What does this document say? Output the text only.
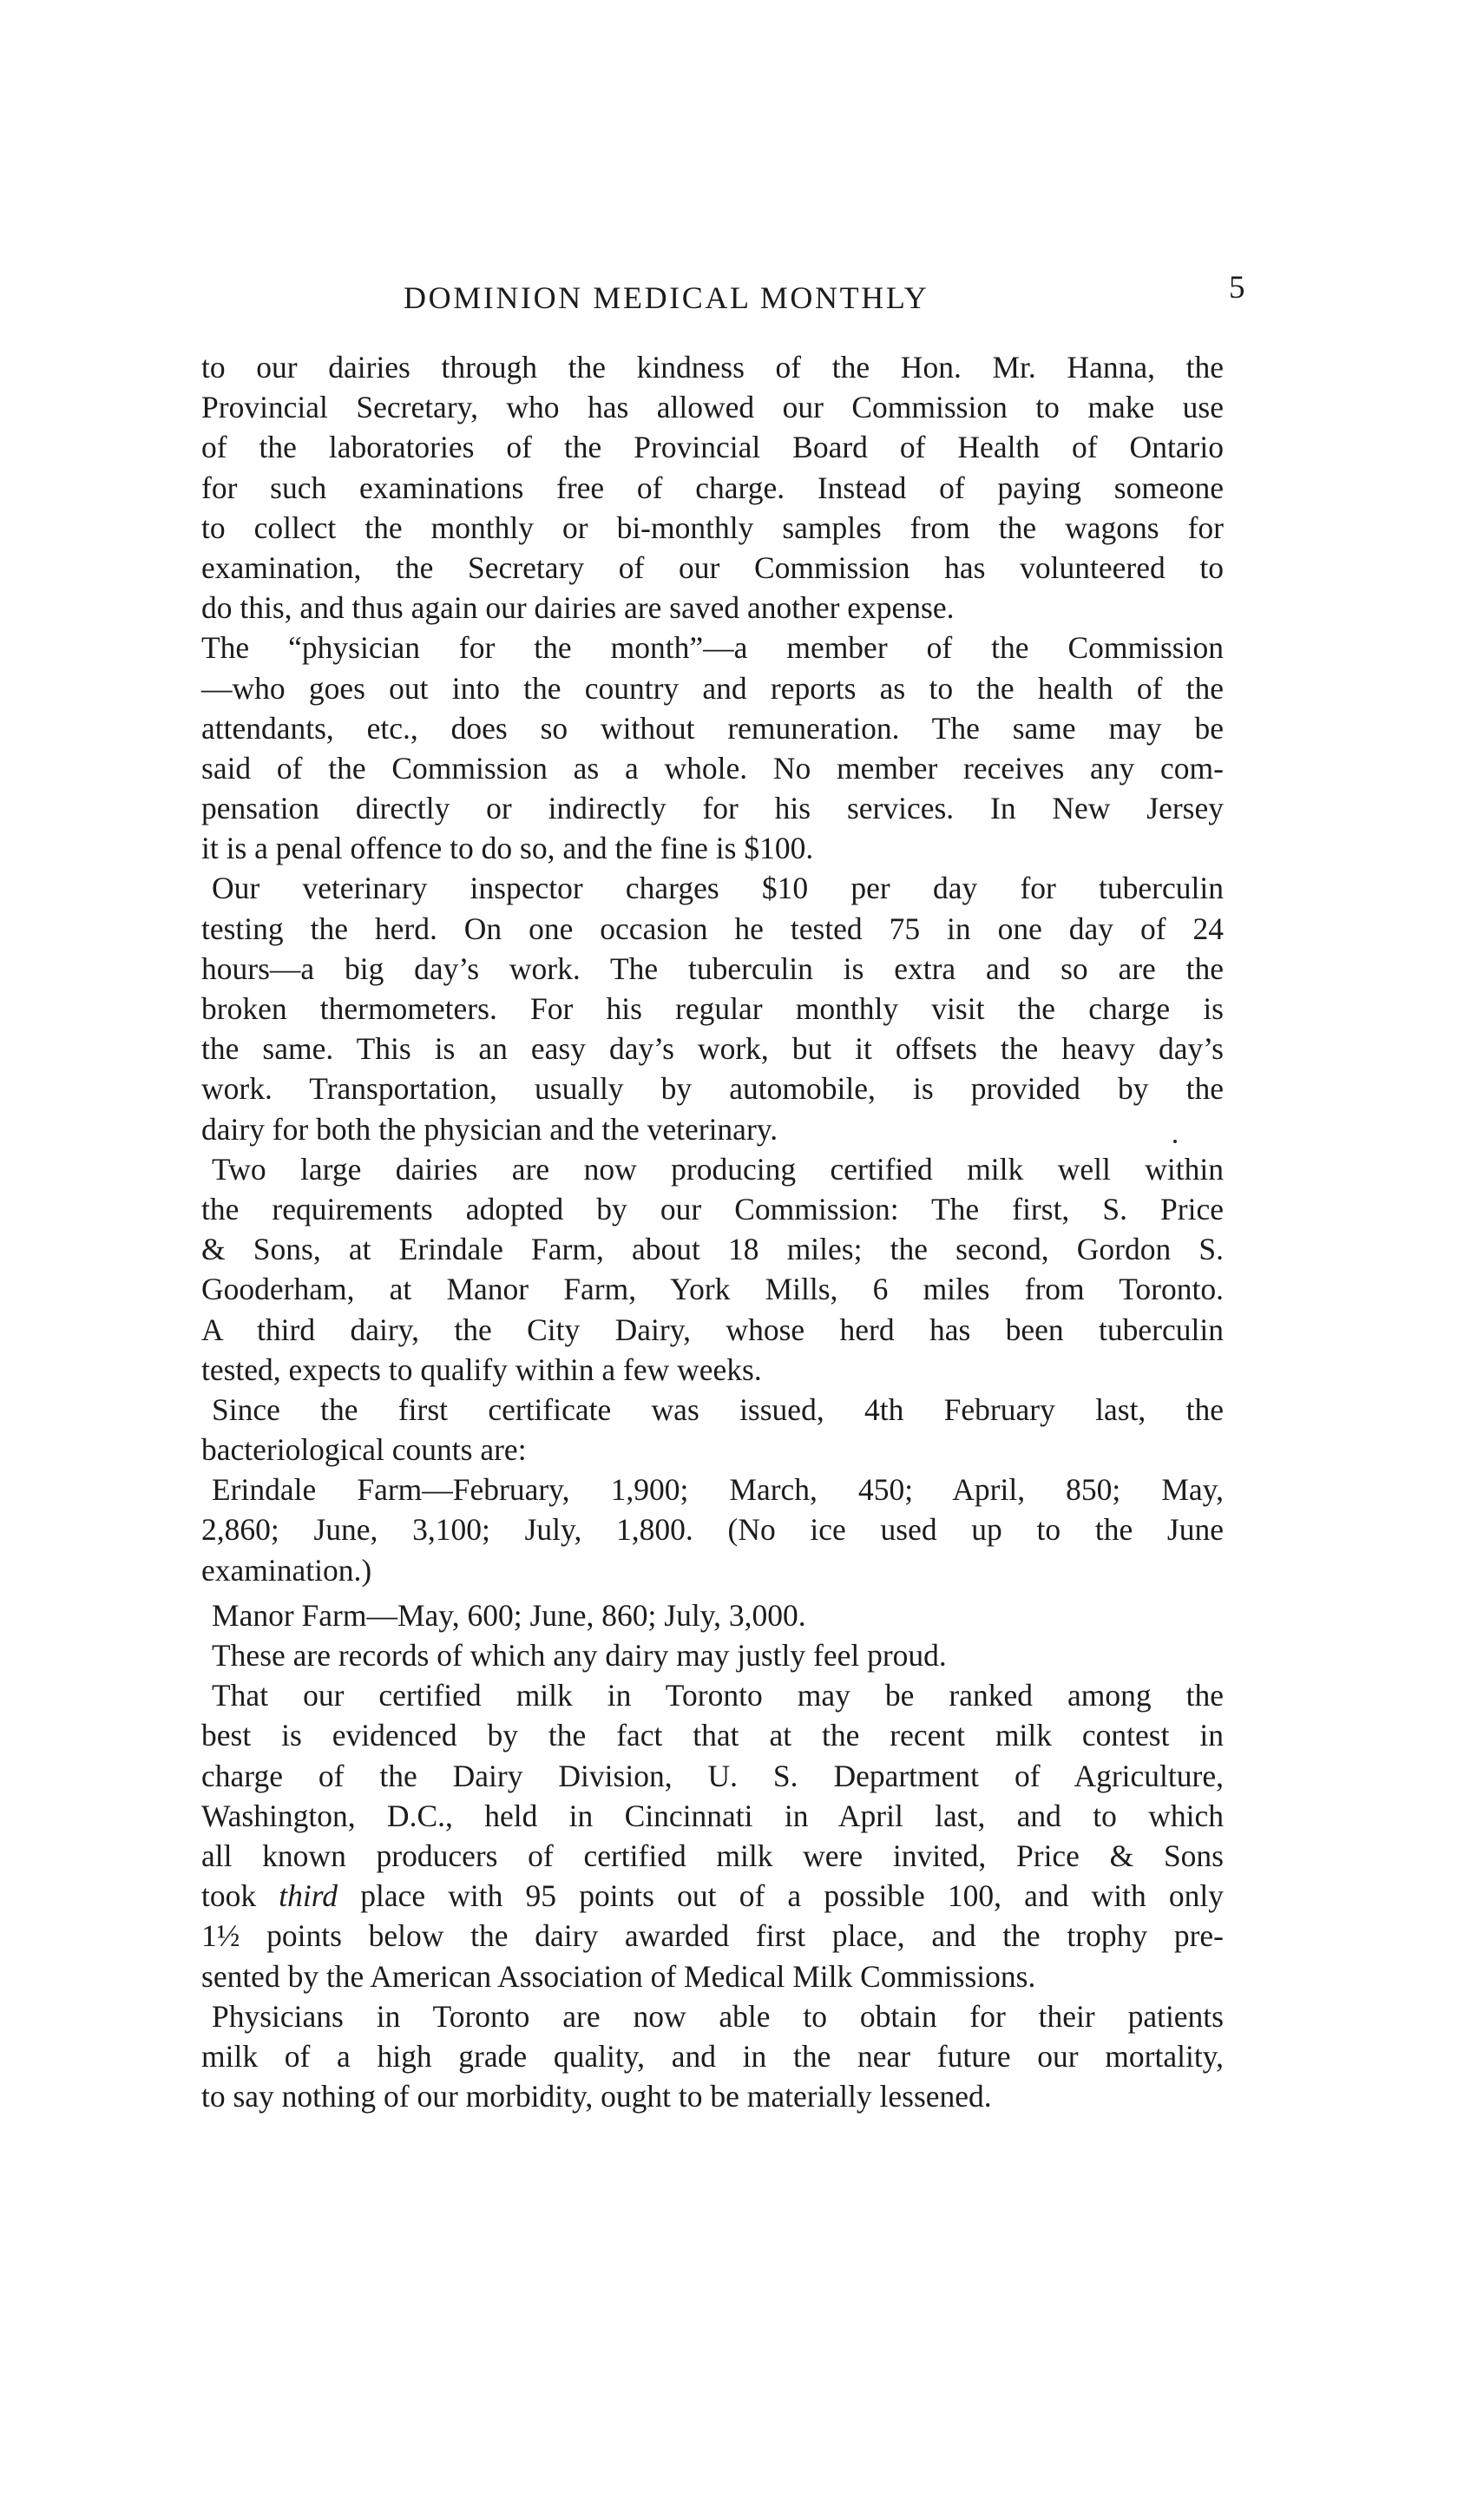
DOMINION MEDICAL MONTHLY	5
to our dairies through the kindness of the Hon. Mr. Hanna, the
Provincial Secretary, who has allowed our Commission to make use
of the laboratories of the Provincial Board of Health of Ontario
for such examinations free of charge. Instead of paying someone
to collect the monthly or bi-monthly samples from the wagons for
examination, the Secretary of our Commission has volunteered to
do this, and thus again our dairies are saved another expense.
The “physician for the month”—a member of the Commission
—who goes out into the country and reports as to the health of the
attendants, etc., does so without remuneration. The same may be
said of the Commission as a whole. No member receives any com-
pensation directly or indirectly for his services. In New Jersey
it is a penal offence to do so, and the fine is $100.
Our veterinary inspector charges $10 per day for tuberculin
testing the herd. On one occasion he tested 75 in one day of 24
hours—a big day’s work. The tuberculin is extra and so are the
broken thermometers. For his regular monthly visit the charge is
the same. This is an easy day’s work, but it offsets the heavy day’s
work. Transportation, usually by automobile, is provided by the
dairy for both the physician and the veterinary.
Two large dairies are now producing certified milk well within
the requirements adopted by our Commission: The first, S. Price
& Sons, at Erindale Farm, about 18 miles; the second, Gordon S.
Gooderham, at Manor Farm, York Mills, 6 miles from Toronto.
A third dairy, the City Dairy, whose herd has been tuberculin
tested, expects to qualify within a few weeks.
Since the first certificate was issued, 4th February last, the
bacteriological counts are:
Erindale Farm—February, 1,900; March, 450; April, 850; May,
2,860; June, 3,100; July, 1,800. (No ice used up to the June
examination.)
Manor Farm—May, 600; June, 860; July, 3,000.
These are records of which any dairy may justly feel proud.
That our certified milk in Toronto may be ranked among the
best is evidenced by the fact that at the recent milk contest in
charge of the Dairy Division, U. S. Department of Agriculture,
Washington, D.C., held in Cincinnati in April last, and to which
all known producers of certified milk were invited, Price & Sons
took third place with 95 points out of a possible 100, and with only
1½ points below the dairy awarded first place, and the trophy pre-
sented by the American Association of Medical Milk Commissions.
Physicians in Toronto are now able to obtain for their patients
milk of a high grade quality, and in the near future our mortality,
to say nothing of our morbidity, ought to be materially lessened.
